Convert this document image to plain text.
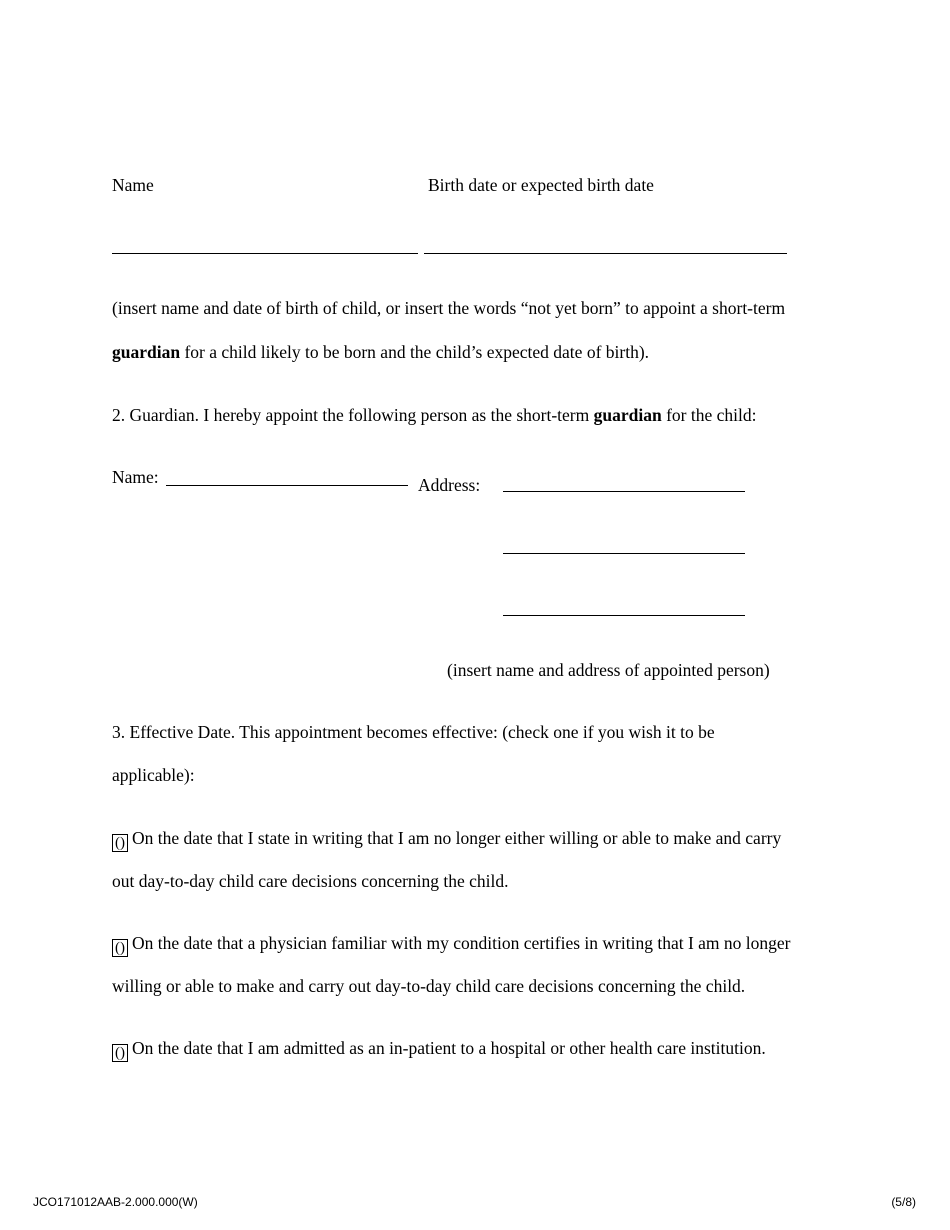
Name	Birth date or expected birth date
(insert name and date of birth of child, or insert the words “not yet born” to appoint a short-term
guardian for a child likely to be born and the child’s expected date of birth).
2. Guardian. I hereby appoint the following person as the short-term guardian for the child:
Name:	Address:
(insert name and address of appointed person)
3. Effective Date. This appointment becomes effective: (check one if you wish it to be
applicable):
() On the date that I state in writing that I am no longer either willing or able to make and carry
out day-to-day child care decisions concerning the child.
() On the date that a physician familiar with my condition certifies in writing that I am no longer
willing or able to make and carry out day-to-day child care decisions concerning the child.
() On the date that I am admitted as an in-patient to a hospital or other health care institution.
JCO171012AAB-2.000.000(W)	(5/8)
